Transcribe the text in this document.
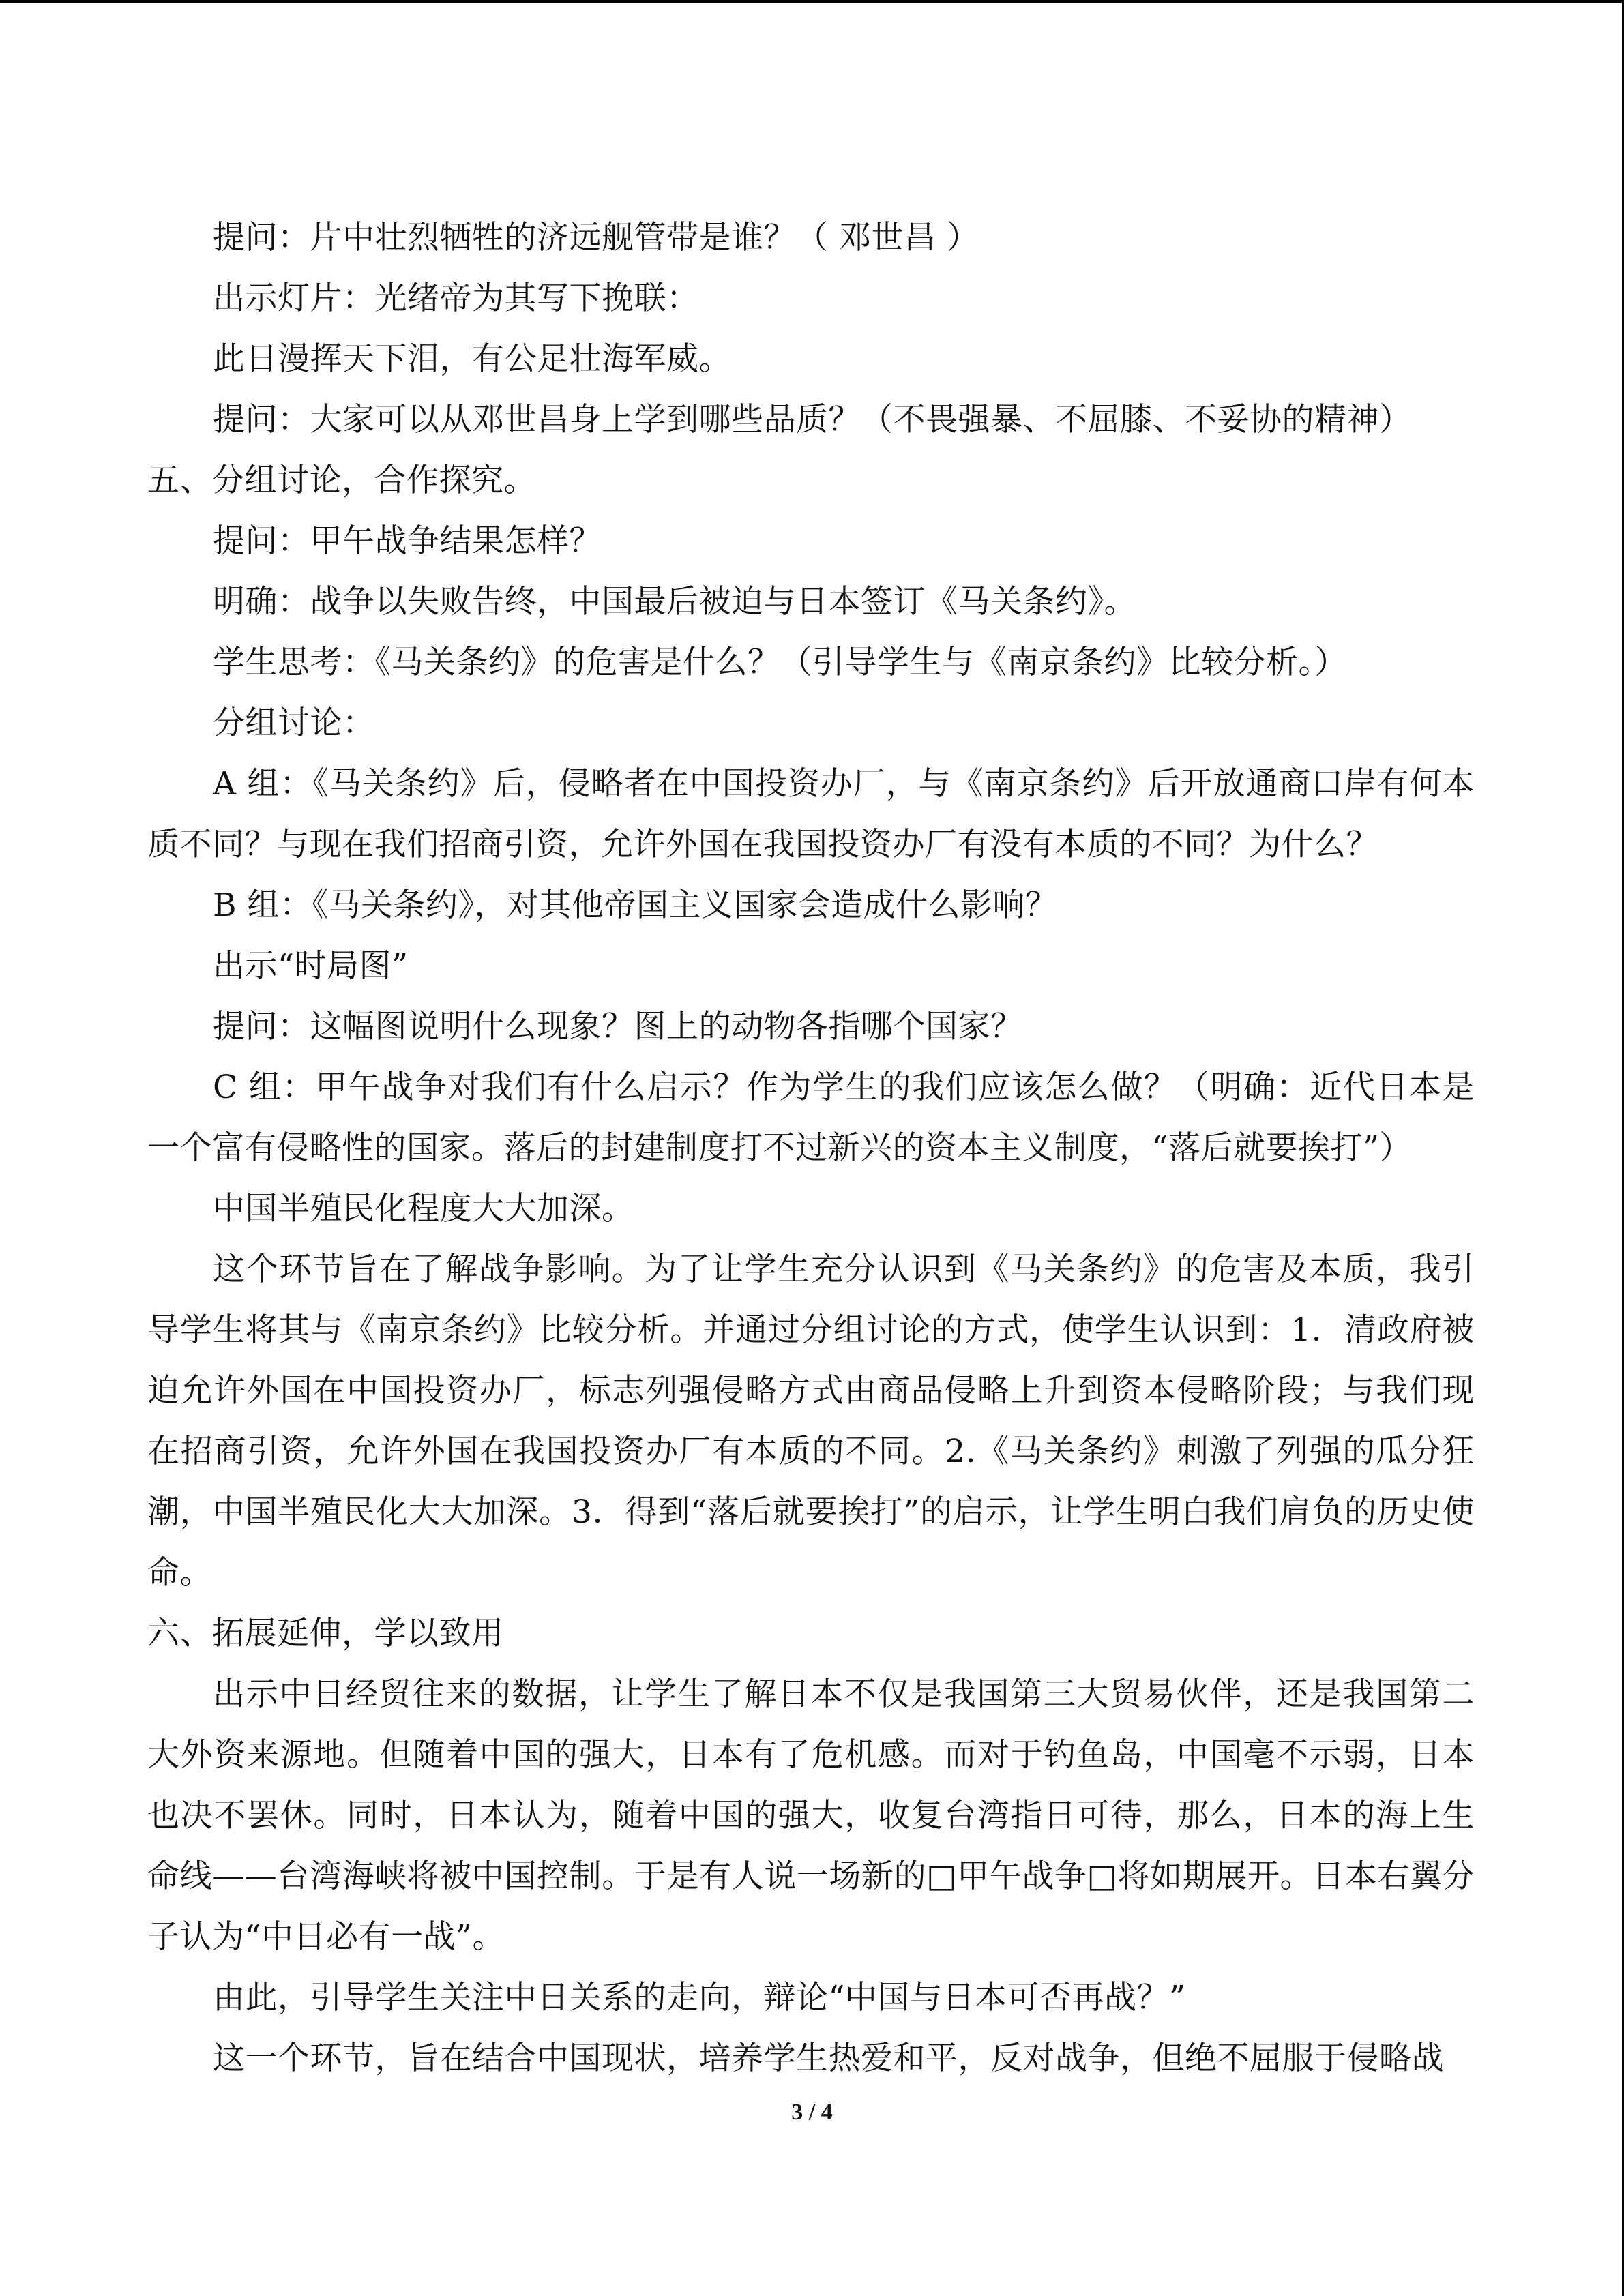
提问：片中壮烈牺牲的济远舰管带是谁？（ 邓世昌 ）

出示灯片：光绪帝为其写下挽联：

此日漫挥天下泪，有公足壮海军威。

提问：大家可以从邓世昌身上学到哪些品质？（不畏强暴、不屈膝、不妥协的精神）

五、分组讨论，合作探究。

提问：甲午战争结果怎样？

明确：战争以失败告终，中国最后被迫与日本签订《马关条约》。

学生思考：《马关条约》的危害是什么？（引导学生与《南京条约》比较分析。）

分组讨论：

A 组：《马关条约》后，侵略者在中国投资办厂，与《南京条约》后开放通商口岸有何本质不同？与现在我们招商引资，允许外国在我国投资办厂有没有本质的不同？为什么？

B 组：《马关条约》，对其他帝国主义国家会造成什么影响？

出示“时局图”

提问：这幅图说明什么现象？图上的动物各指哪个国家？

C 组：甲午战争对我们有什么启示？作为学生的我们应该怎么做？（明确：近代日本是一个富有侵略性的国家。落后的封建制度打不过新兴的资本主义制度，“落后就要挨打”）

中国半殖民化程度大大加深。

这个环节旨在了解战争影响。为了让学生充分认识到《马关条约》的危害及本质，我引导学生将其与《南京条约》比较分析。并通过分组讨论的方式，使学生认识到：1．清政府被迫允许外国在中国投资办厂，标志列强侵略方式由商品侵略上升到资本侵略阶段；与我们现在招商引资，允许外国在我国投资办厂有本质的不同。2.《马关条约》刺激了列强的瓜分狂潮，中国半殖民化大大加深。3．得到“落后就要挨打”的启示，让学生明白我们肩负的历史使命。

六、拓展延伸，学以致用

出示中日经贸往来的数据，让学生了解日本不仅是我国第三大贸易伙伴，还是我国第二大外资来源地。但随着中国的强大，日本有了危机感。而对于钓鱼岛，中国毫不示弱，日本也决不罢休。同时，日本认为，随着中国的强大，收复台湾指日可待，那么，日本的海上生命线——台湾海峡将被中国控制。于是有人说一场新的□甲午战争□将如期展开。日本右翼分子认为“中日必有一战”。

由此，引导学生关注中日关系的走向，辩论“中国与日本可否再战？”

这一个环节，旨在结合中国现状，培养学生热爱和平，反对战争，但绝不屈服于侵略战

3 / 4
